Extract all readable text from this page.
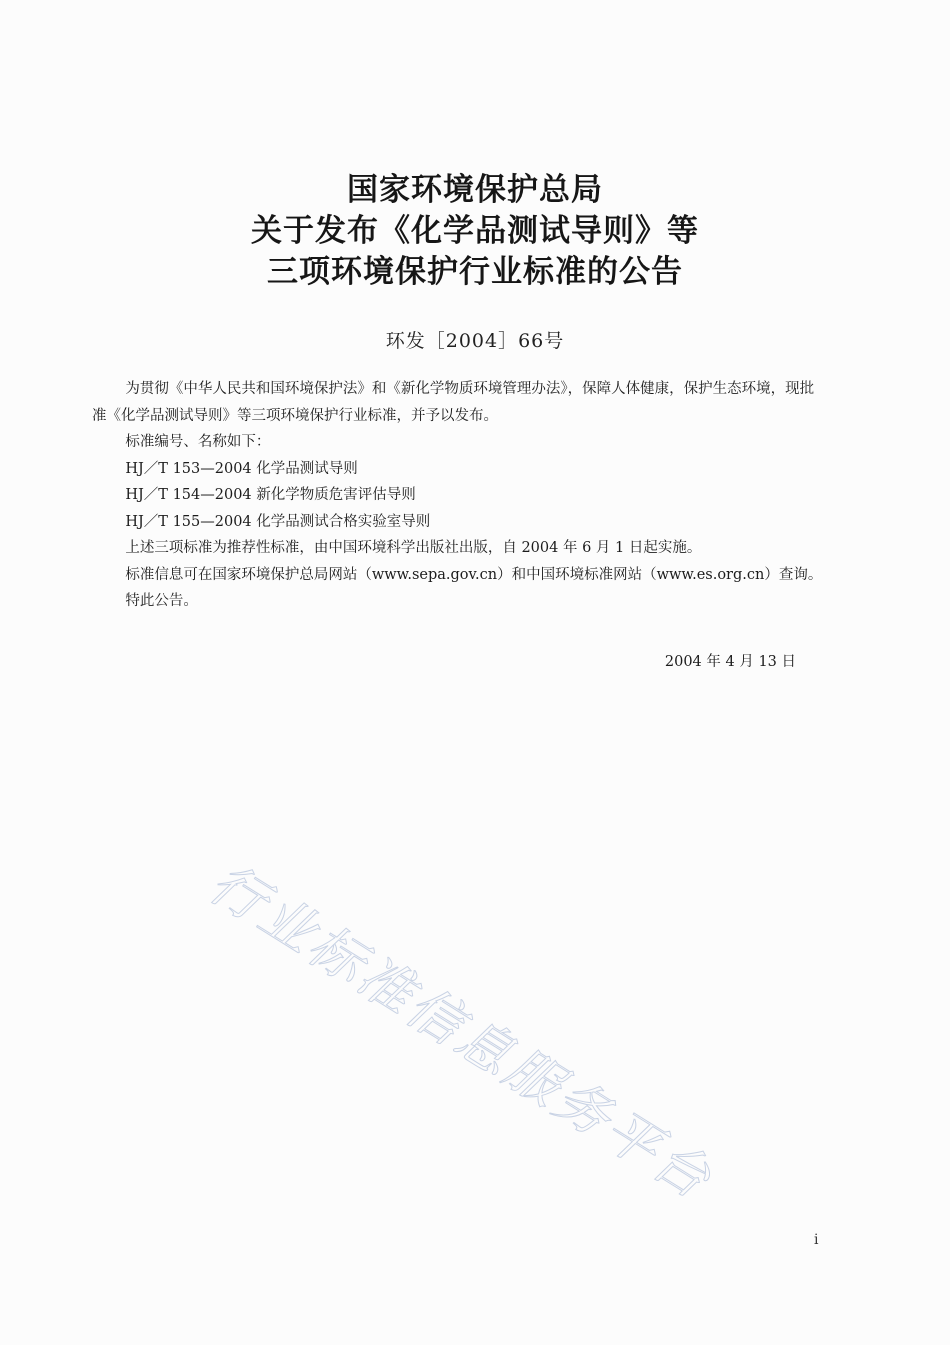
国家环境保护总局
关于发布《化学品测试导则》等
三项环境保护行业标准的公告
环发［2004］66号

为贯彻《中华人民共和国环境保护法》和《新化学物质环境管理办法》，保障人体健康，保护生态环境，现批准《化学品测试导则》等三项环境保护行业标准，并予以发布。

标准编号、名称如下：

HJ／T 153—2004 化学品测试导则

HJ／T 154—2004 新化学物质危害评估导则

HJ／T 155—2004 化学品测试合格实验室导则

上述三项标准为推荐性标准，由中国环境科学出版社出版，自 2004 年 6 月 1 日起实施。

标准信息可在国家环境保护总局网站（www.sepa.gov.cn）和中国环境标准网站（www.es.org.cn）查询。

特此公告。

2004 年 4 月 13 日
行业标准信息服务平台
i
